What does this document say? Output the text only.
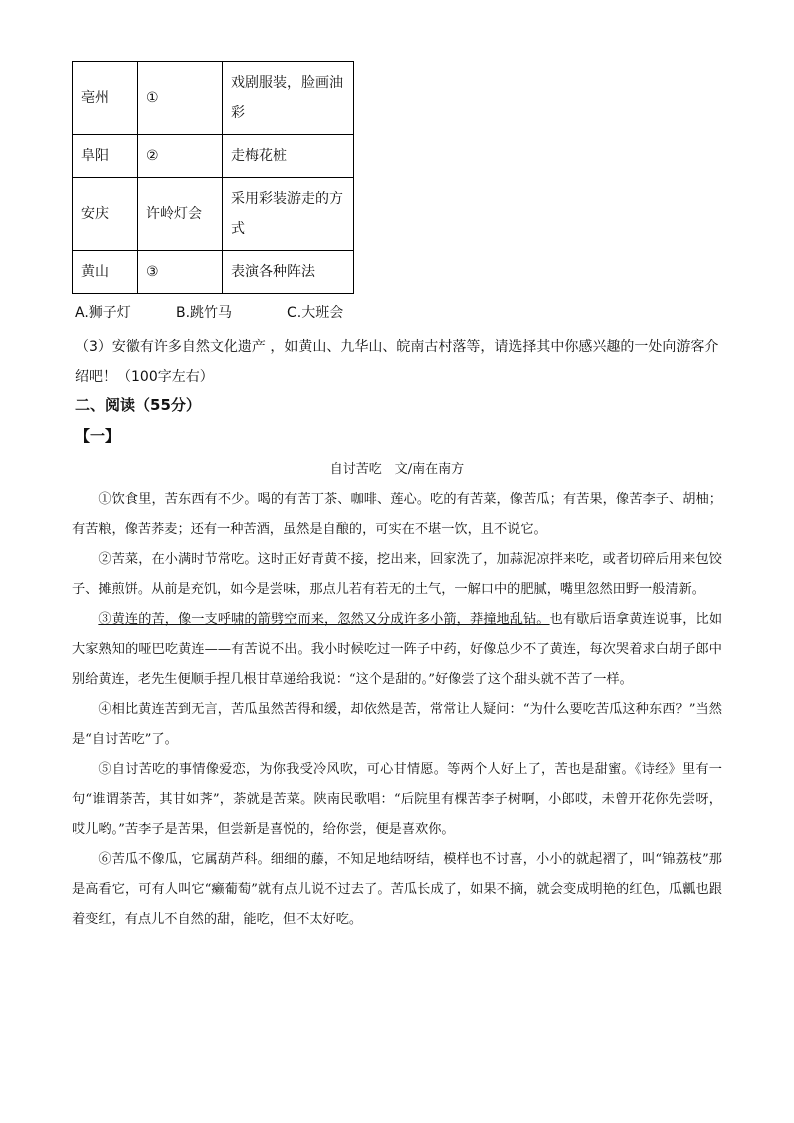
亳州	①	戏剧服装，脸画油彩
阜阳	②	走梅花桩
安庆	许岭灯会	采用彩装游走的方式
黄山	③	表演各种阵法
A.狮子灯	B.跳竹马	C.大班会
（3）安徽有许多自然文化遗产 ，如黄山、九华山、皖南古村落等，请选择其中你感兴趣的一处向游客介绍吧！（100字左右）
二、阅读（55分）
【一】
自讨苦吃　文/南在南方

①饮食里，苦东西有不少。喝的有苦丁茶、咖啡、莲心。吃的有苦菜，像苦瓜；有苦果，像苦李子、胡柚；有苦粮，像苦荞麦；还有一种苦酒，虽然是自酿的，可实在不堪一饮，且不说它。

②苦菜，在小满时节常吃。这时正好青黄不接，挖出来，回家洗了，加蒜泥凉拌来吃，或者切碎后用来包饺子、摊煎饼。从前是充饥，如今是尝味，那点儿若有若无的土气，一解口中的肥腻，嘴里忽然田野一般清新。

③黄连的苦，像一支呼啸的箭劈空而来，忽然又分成许多小箭，莽撞地乱钻。也有歇后语拿黄连说事，比如大家熟知的哑巴吃黄连——有苦说不出。我小时候吃过一阵子中药，好像总少不了黄连，每次哭着求白胡子郎中别给黄连，老先生便顺手捏几根甘草递给我说：“这个是甜的。”好像尝了这个甜头就不苦了一样。

④相比黄连苦到无言，苦瓜虽然苦得和缓，却依然是苦，常常让人疑问：“为什么要吃苦瓜这种东西？”当然是“自讨苦吃”了。

⑤自讨苦吃的事情像爱恋，为你我受冷风吹，可心甘情愿。等两个人好上了，苦也是甜蜜。《诗经》里有一句“谁谓荼苦，其甘如荠”，荼就是苦菜。陕南民歌唱：“后院里有棵苦李子树啊，小郎哎，未曾开花你先尝呀，哎儿哟。”苦李子是苦果，但尝新是喜悦的，给你尝，便是喜欢你。

⑥苦瓜不像瓜，它属葫芦科。细细的藤，不知足地结呀结，模样也不讨喜，小小的就起褶了，叫“锦荔枝”那是高看它，可有人叫它“癞葡萄”就有点儿说不过去了。苦瓜长成了，如果不摘，就会变成明艳的红色，瓜瓤也跟着变红，有点儿不自然的甜，能吃，但不太好吃。
